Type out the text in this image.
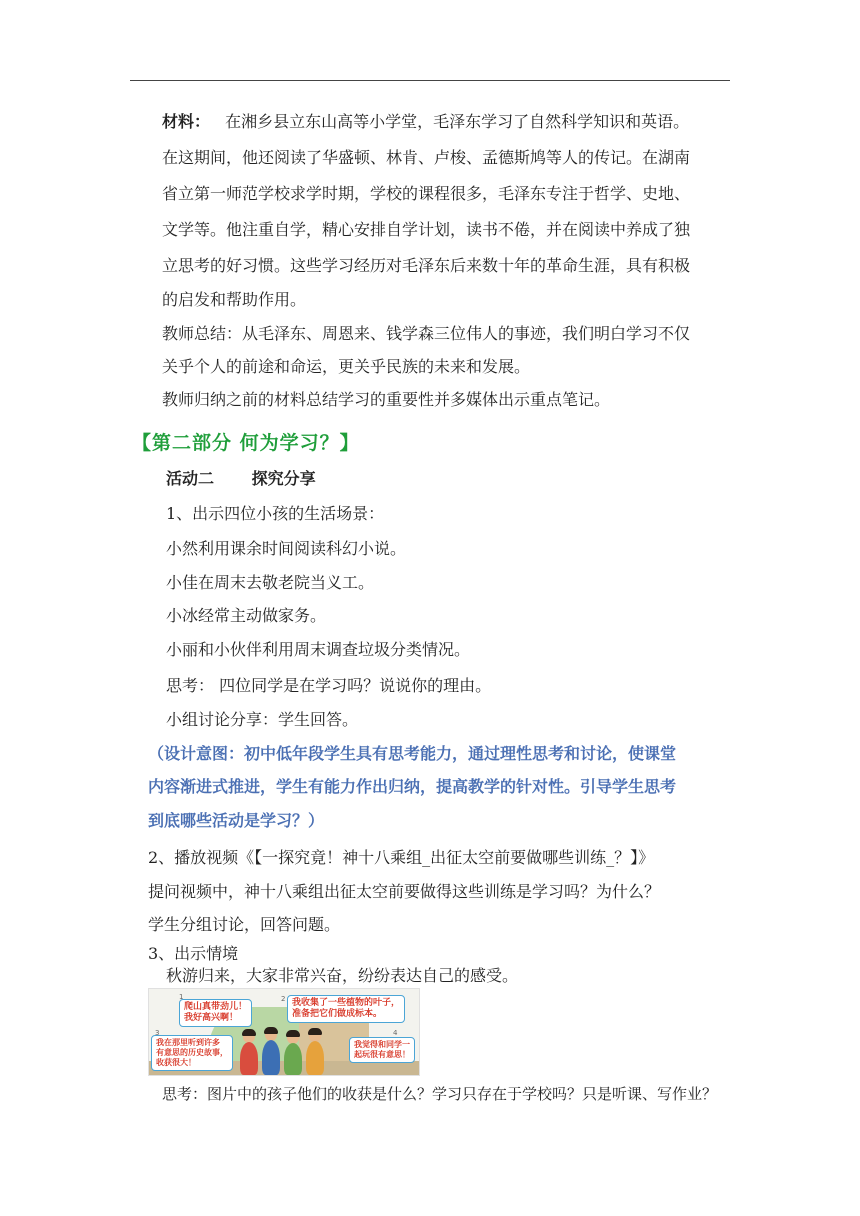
材料： 在湘乡县立东山高等小学堂，毛泽东学习了自然科学知识和英语。
在这期间，他还阅读了华盛顿、林肯、卢梭、孟德斯鸠等人的传记。在湖南
省立第一师范学校求学时期，学校的课程很多，毛泽东专注于哲学、史地、
文学等。他注重自学，精心安排自学计划，读书不倦，并在阅读中养成了独
立思考的好习惯。这些学习经历对毛泽东后来数十年的革命生涯，具有积极
的启发和帮助作用。
教师总结：从毛泽东、周恩来、钱学森三位伟人的事迹，我们明白学习不仅
关乎个人的前途和命运，更关乎民族的未来和发展。
教师归纳之前的材料总结学习的重要性并多媒体出示重点笔记。
【第二部分 何为学习？】
活动二 探究分享
1、出示四位小孩的生活场景：
小然利用课余时间阅读科幻小说。
小佳在周末去敬老院当义工。
小冰经常主动做家务。
小丽和小伙伴利用周末调查垃圾分类情况。
思考： 四位同学是在学习吗？说说你的理由。
小组讨论分享：学生回答。
（设计意图：初中低年段学生具有思考能力，通过理性思考和讨论，使课堂
内容渐进式推进，学生有能力作出归纳，提高教学的针对性。引导学生思考
到底哪些活动是学习？）
2、播放视频《【一探究竟！神十八乘组_出征太空前要做哪些训练_？】》
提问视频中，神十八乘组出征太空前要做得这些训练是学习吗？为什么？
学生分组讨论，回答问题。
3、出示情境
秋游归来，大家非常兴奋，纷纷表达自己的感受。
爬山真带劲儿！
我好高兴啊！
1
我收集了一些植物的叶子，
准备把它们做成标本。
2
我在那里听到许多
有意思的历史故事，
收获很大！
3
我觉得和同学一
起玩很有意思！
4
思考：图片中的孩子他们的收获是什么？学习只存在于学校吗？只是听课、写作业？
